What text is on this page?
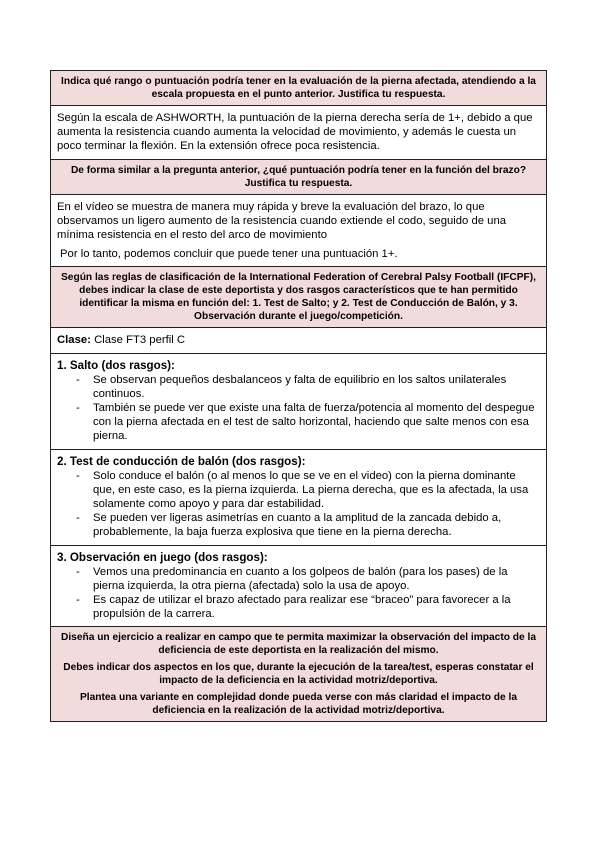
Indica qué rango o puntuación podría tener en la evaluación de la pierna afectada, atendiendo a la escala propuesta en el punto anterior. Justifica tu respuesta.

Según la escala de ASHWORTH, la puntuación de la pierna derecha sería de 1+, debido a que aumenta la resistencia cuando aumenta la velocidad de movimiento, y además le cuesta un poco terminar la flexión. En la extensión ofrece poca resistencia.

De forma similar a la pregunta anterior, ¿qué puntuación podría tener en la función del brazo? Justifica tu respuesta.

En el vídeo se muestra de manera muy rápida y breve la evaluación del brazo, lo que observamos un ligero aumento de la resistencia cuando extiende el codo, seguido de una mínima resistencia en el resto del arco de movimiento

Por lo tanto, podemos concluir que puede tener una puntuación 1+.

Según las reglas de clasificación de la International Federation of Cerebral Palsy Football (IFCPF), debes indicar la clase de este deportista y dos rasgos característicos que te han permitido identificar la misma en función del: 1. Test de Salto; y 2. Test de Conducción de Balón, y 3. Observación durante el juego/competición.

Clase: Clase FT3 perfil C

1. Salto (dos rasgos):

- Se observan pequeños desbalanceos y falta de equilibrio en los saltos unilaterales continuos.
- También se puede ver que existe una falta de fuerza/potencia al momento del despegue con la pierna afectada en el test de salto horizontal, haciendo que salte menos con esa pierna.

2. Test de conducción de balón (dos rasgos):

- Solo conduce el balón (o al menos lo que se ve en el video) con la pierna dominante que, en este caso, es la pierna izquierda. La pierna derecha, que es la afectada, la usa solamente como apoyo y para dar estabilidad.
- Se pueden ver ligeras asimetrías en cuanto a la amplitud de la zancada debido a, probablemente, la baja fuerza explosiva que tiene en la pierna derecha.

3. Observación en juego (dos rasgos):

- Vemos una predominancia en cuanto a los golpeos de balón (para los pases) de la pierna izquierda, la otra pierna (afectada) solo la usa de apoyo.
- Es capaz de utilizar el brazo afectado para realizar ese “braceo” para favorecer a la propulsión de la carrera.

Diseña un ejercicio a realizar en campo que te permita maximizar la observación del impacto de la deficiencia de este deportista en la realización del mismo.

Debes indicar dos aspectos en los que, durante la ejecución de la tarea/test, esperas constatar el impacto de la deficiencia en la actividad motriz/deportiva.

Plantea una variante en complejidad donde pueda verse con más claridad el impacto de la deficiencia en la realización de la actividad motriz/deportiva.
